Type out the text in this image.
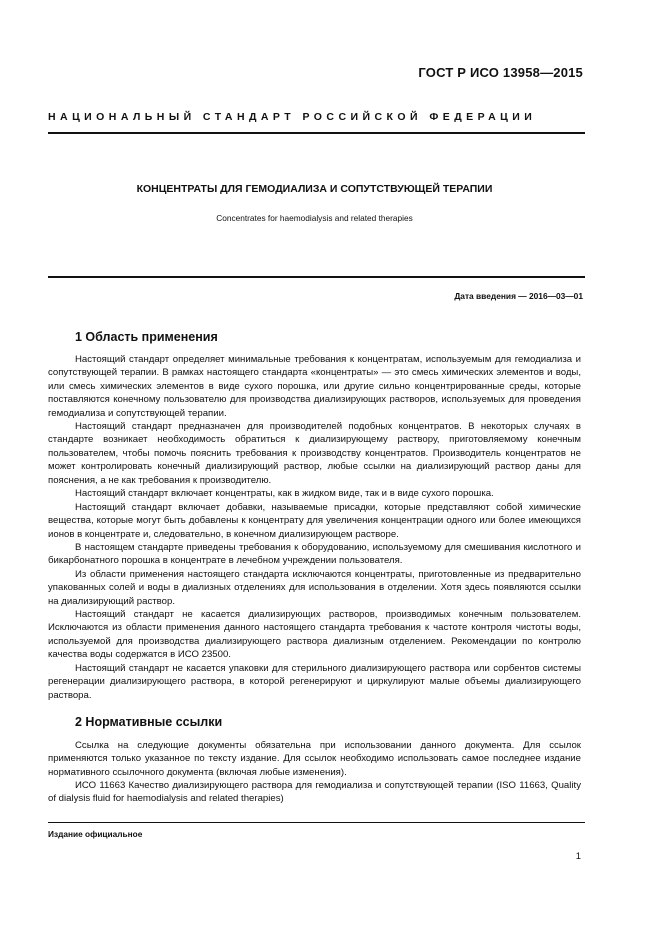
ГОСТ Р ИСО 13958—2015
НАЦИОНАЛЬНЫЙ СТАНДАРТ РОССИЙСКОЙ ФЕДЕРАЦИИ
КОНЦЕНТРАТЫ ДЛЯ ГЕМОДИАЛИЗА И СОПУТСТВУЮЩЕЙ ТЕРАПИИ
Concentrates for haemodialysis and related therapies
Дата введения — 2016—03—01
1 Область применения

Настоящий стандарт определяет минимальные требования к концентратам, используемым для гемодиализа и сопутствующей терапии. В рамках настоящего стандарта «концентраты» — это смесь химических элементов и воды, или смесь химических элементов в виде сухого порошка, или другие сильно концентрированные среды, которые поставляются конечному пользователю для производства диализирующих растворов, используемых для проведения гемодиализа и сопутствующей терапии.

Настоящий стандарт предназначен для производителей подобных концентратов. В некоторых случаях в стандарте возникает необходимость обратиться к диализирующему раствору, приготовляемому конечным пользователем, чтобы помочь пояснить требования к производству концентратов. Производитель концентратов не может контролировать конечный диализирующий раствор, любые ссылки на диализирующий раствор даны для пояснения, а не как требования к производителю.

Настоящий стандарт включает концентраты, как в жидком виде, так и в виде сухого порошка.

Настоящий стандарт включает добавки, называемые присадки, которые представляют собой химические вещества, которые могут быть добавлены к концентрату для увеличения концентрации одного или более имеющихся ионов в концентрате и, следовательно, в конечном диализирующем растворе.

В настоящем стандарте приведены требования к оборудованию, используемому для смешивания кислотного и бикарбонатного порошка в концентрате в лечебном учреждении пользователя.

Из области применения настоящего стандарта исключаются концентраты, приготовленные из предварительно упакованных солей и воды в диализных отделениях для использования в отделении. Хотя здесь появляются ссылки на диализирующий раствор.

Настоящий стандарт не касается диализирующих растворов, производимых конечным пользователем. Исключаются из области применения данного настоящего стандарта требования к частоте контроля чистоты воды, используемой для производства диализирующего раствора диализным отделением. Рекомендации по контролю качества воды содержатся в ИСО 23500.

Настоящий стандарт не касается упаковки для стерильного диализирующего раствора или сорбентов системы регенерации диализирующего раствора, в которой регенерируют и циркулируют малые объемы диализирующего раствора.

2 Нормативные ссылки

Ссылка на следующие документы обязательна при использовании данного документа. Для ссылок применяются только указанное по тексту издание. Для ссылок необходимо использовать самое последнее издание нормативного ссылочного документа (включая любые изменения).

ИСО 11663 Качество диализирующего раствора для гемодиализа и сопутствующей терапии (ISO 11663, Quality of dialysis fluid for haemodialysis and related therapies)

Издание официальное
1
